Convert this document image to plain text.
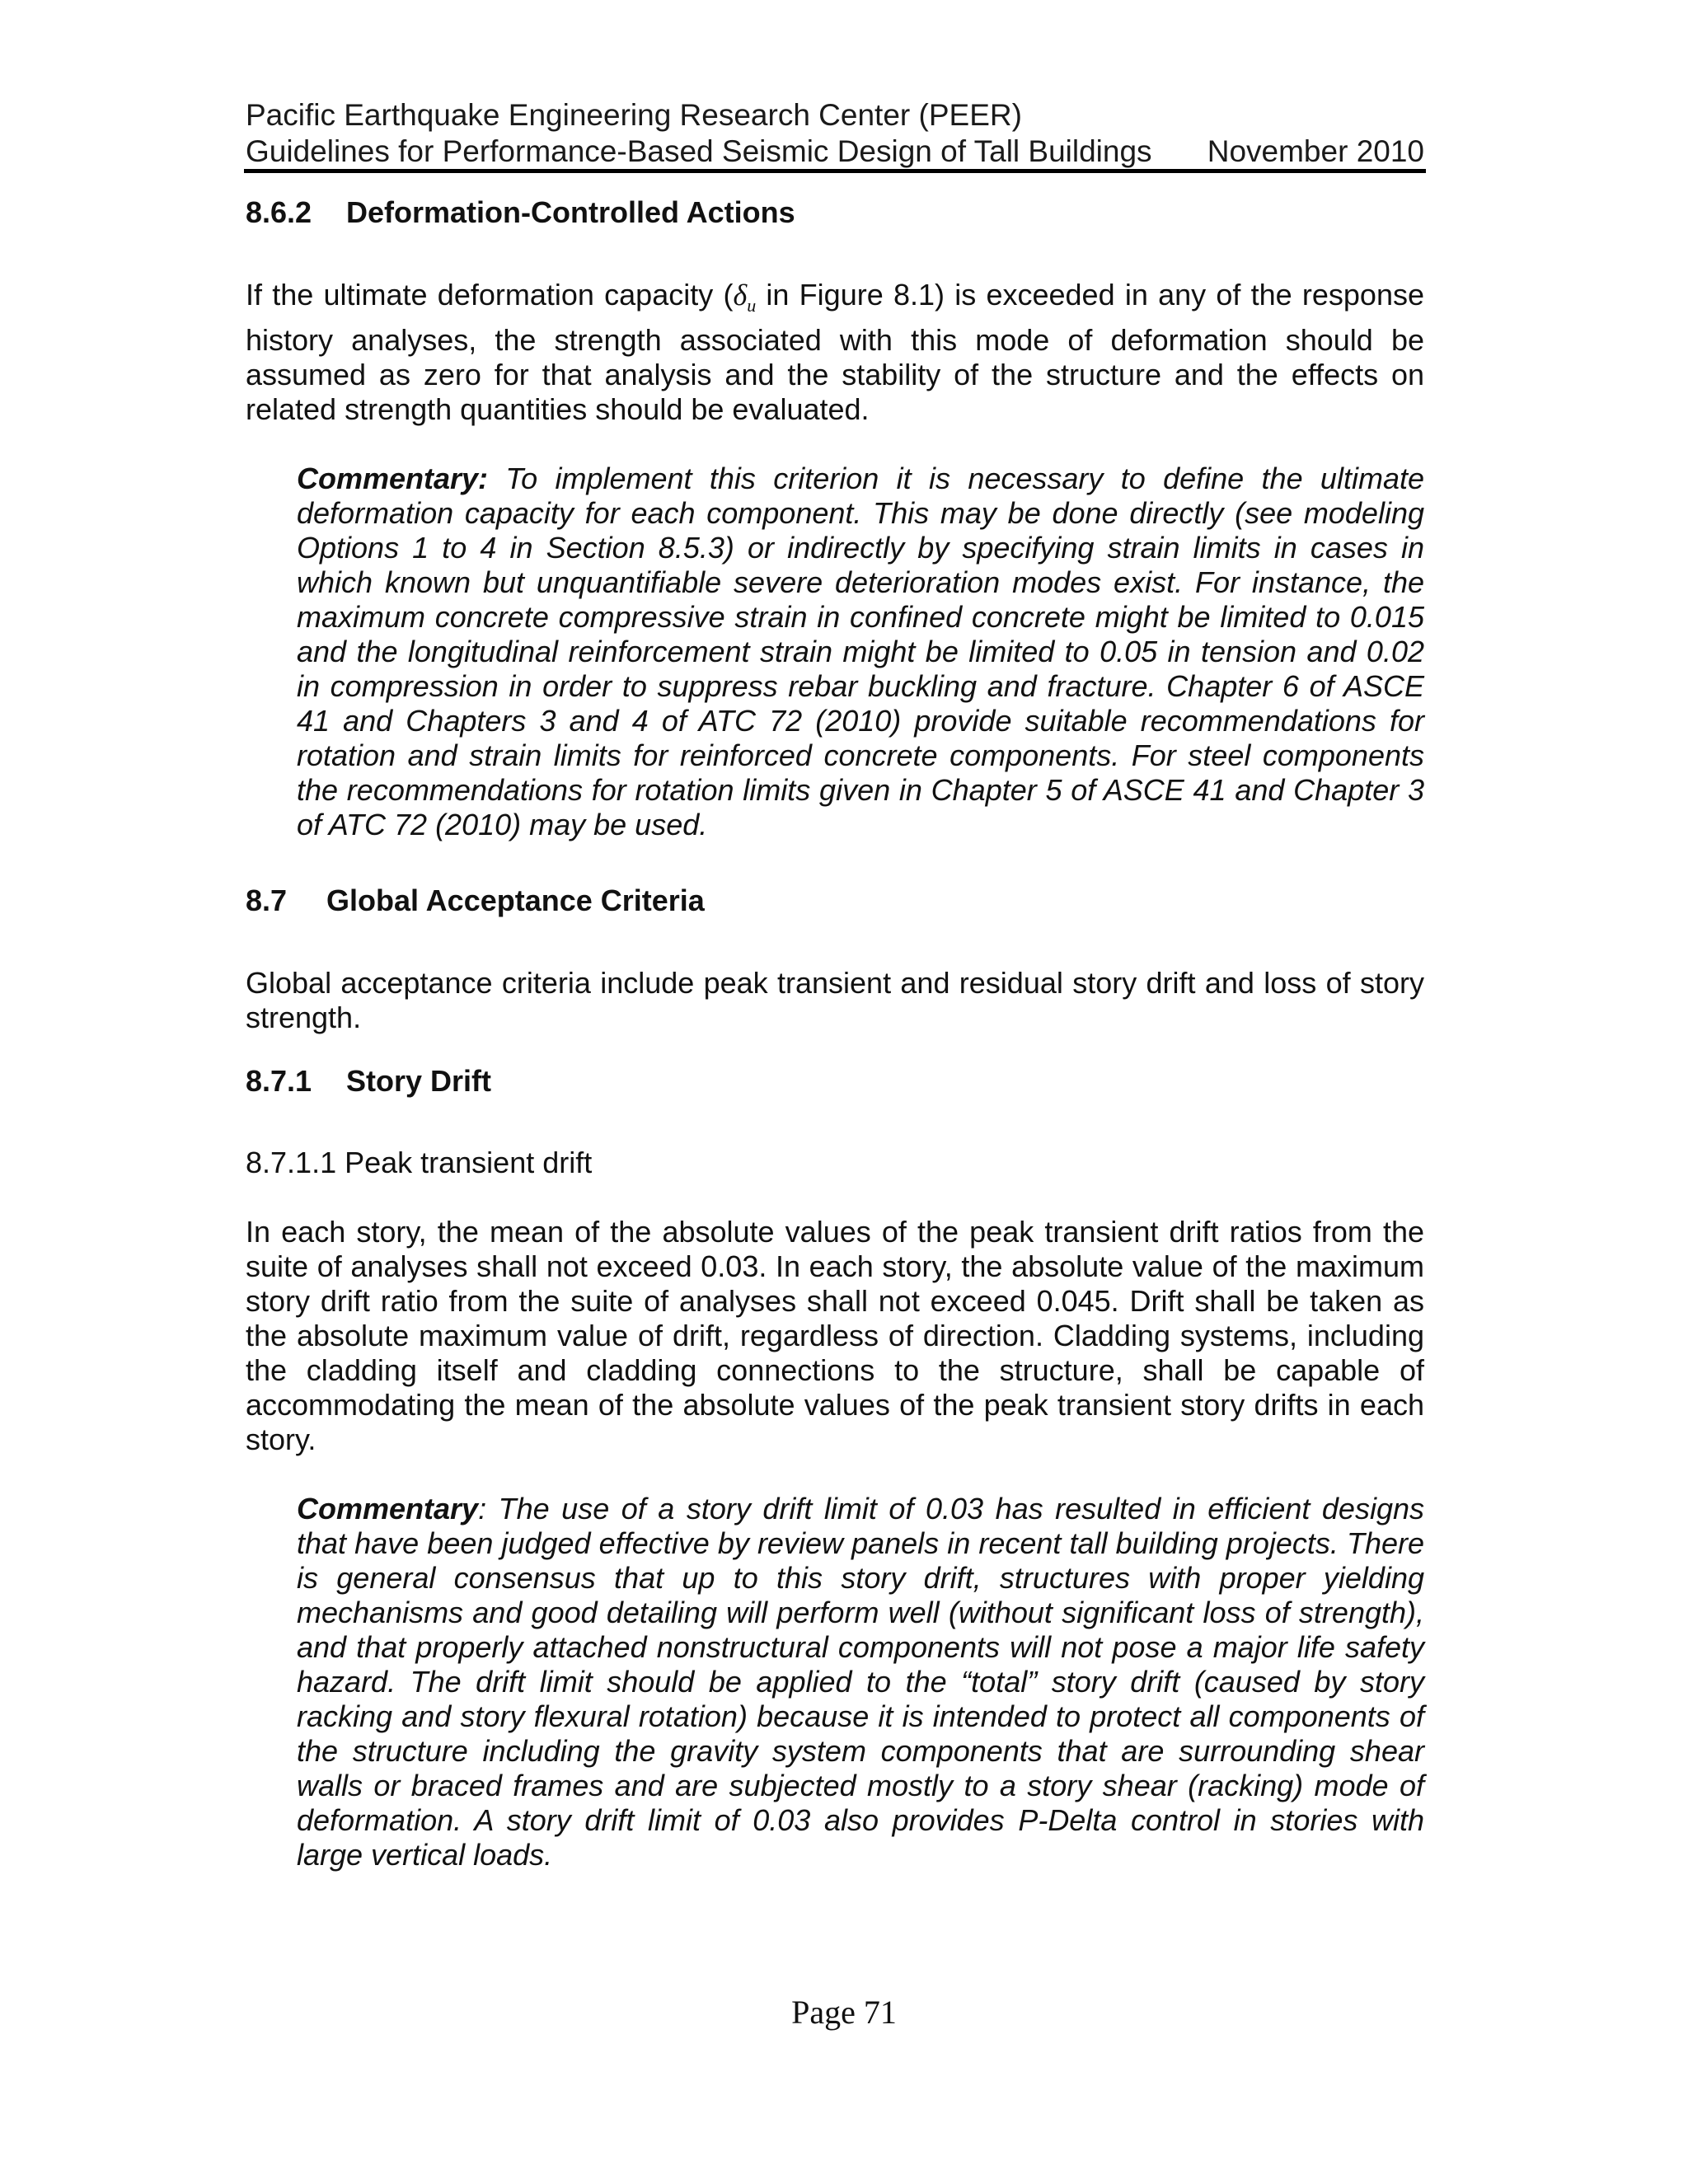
Pacific Earthquake Engineering Research Center (PEER)
Guidelines for Performance-Based Seismic Design of Tall Buildings November 2010
8.6.2	Deformation-Controlled Actions

If the ultimate deformation capacity ($\delta_u$ in Figure 8.1) is exceeded in any of the response history analyses, the strength associated with this mode of deformation should be assumed as zero for that analysis and the stability of the structure and the effects on related strength quantities should be evaluated.

Commentary: To implement this criterion it is necessary to define the ultimate deformation capacity for each component. This may be done directly (see modeling Options 1 to 4 in Section 8.5.3) or indirectly by specifying strain limits in cases in which known but unquantifiable severe deterioration modes exist. For instance, the maximum concrete compressive strain in confined concrete might be limited to 0.015 and the longitudinal reinforcement strain might be limited to 0.05 in tension and 0.02 in compression in order to suppress rebar buckling and fracture. Chapter 6 of ASCE 41 and Chapters 3 and 4 of ATC 72 (2010) provide suitable recommendations for rotation and strain limits for reinforced concrete components. For steel components the recommendations for rotation limits given in Chapter 5 of ASCE 41 and Chapter 3 of ATC 72 (2010) may be used.

8.7	Global Acceptance Criteria

Global acceptance criteria include peak transient and residual story drift and loss of story strength.

8.7.1	Story Drift

8.7.1.1 Peak transient drift

In each story, the mean of the absolute values of the peak transient drift ratios from the suite of analyses shall not exceed 0.03. In each story, the absolute value of the maximum story drift ratio from the suite of analyses shall not exceed 0.045. Drift shall be taken as the absolute maximum value of drift, regardless of direction. Cladding systems, including the cladding itself and cladding connections to the structure, shall be capable of accommodating the mean of the absolute values of the peak transient story drifts in each story.

Commentary: The use of a story drift limit of 0.03 has resulted in efficient designs that have been judged effective by review panels in recent tall building projects. There is general consensus that up to this story drift, structures with proper yielding mechanisms and good detailing will perform well (without significant loss of strength), and that properly attached nonstructural components will not pose a major life safety hazard. The drift limit should be applied to the “total” story drift (caused by story racking and story flexural rotation) because it is intended to protect all components of the structure including the gravity system components that are surrounding shear walls or braced frames and are subjected mostly to a story shear (racking) mode of deformation. A story drift limit of 0.03 also provides P-Delta control in stories with large vertical loads.

Page 71
